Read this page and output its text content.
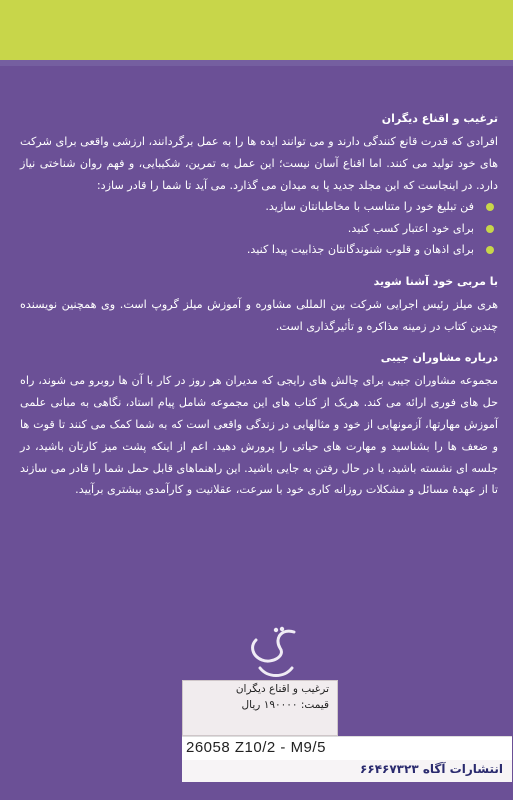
ترغیب و اقناع دیگران

افرادی که قدرت قانع کنندگی دارند و می توانند ایده ها را به عمل برگردانند، ارزشی واقعی برای شرکت های خود تولید می کنند. اما اقناع آسان نیست؛ این عمل به تمرین، شکیبایی، و فهم روان شناختی نیاز دارد. در اینجاست که این مجلد جدید پا به میدان می گذارد. می آید تا شما را قادر سازد:

فن تبلیغ خود را متناسب با مخاطبانتان سازید.
برای خود اعتبار کسب کنید.
برای اذهان و قلوب شنوندگانتان جذابیت پیدا کنید.

با مربی خود آشنا شوید

هری میلز رئیس اجرایی شرکت بین المللی مشاوره و آموزش میلز گروپ است. وی همچنین نویسنده چندین کتاب در زمینه مذاکره و تأثیرگذاری است.

درباره مشاوران جیبی

مجموعه مشاوران جیبی برای چالش های رایجی که مدیران هر روز در کار با آن ها روبرو می شوند، راه حل های فوری ارائه می کند. هریک از کتاب های این مجموعه شامل پیام استاد، نگاهی به مبانی علمی آموزش مهارتها، آزمونهایی از خود و مثالهایی در زندگی واقعی است که به شما کمک می کنند تا قوت ها و ضعف ها را بشناسید و مهارت های حیاتی را پرورش دهید. اعم از اینکه پشت میز کارتان باشید، در جلسه ای نشسته باشید، یا در حال رفتن به جایی باشید. این راهنماهای قابل حمل شما را قادر می سازند تا از عهدهٔ مسائل و مشکلات روزانه کاری خود با سرعت، عقلانیت و کارآمدی بیشتری برآیید.

ترغیب و اقناع دیگران
قیمت: ۱۹۰۰۰۰ ریال
26058 Z10/2 - M9/5
انتشارات آگاه ۶۶۴۶۷۳۲۳
